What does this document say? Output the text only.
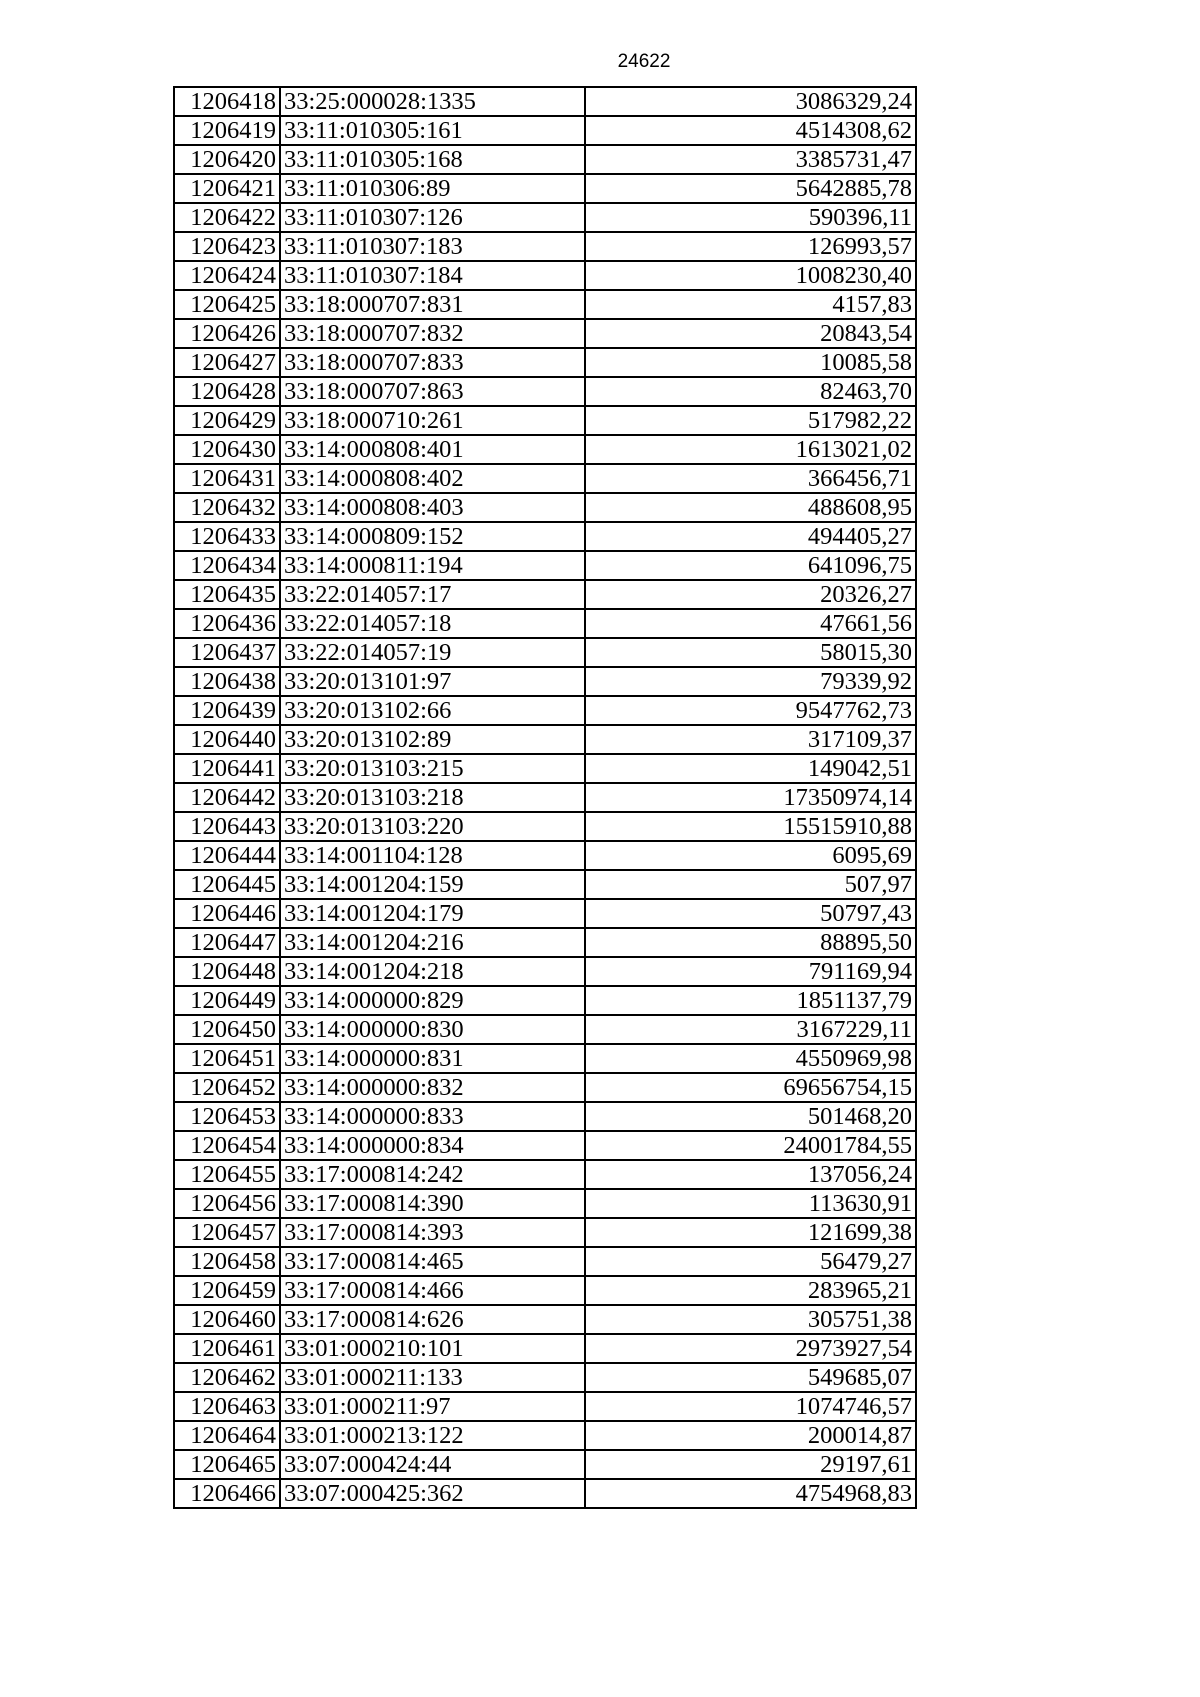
24622
1206418	33:25:000028:1335	3086329,24
1206419	33:11:010305:161	4514308,62
1206420	33:11:010305:168	3385731,47
1206421	33:11:010306:89	5642885,78
1206422	33:11:010307:126	590396,11
1206423	33:11:010307:183	126993,57
1206424	33:11:010307:184	1008230,40
1206425	33:18:000707:831	4157,83
1206426	33:18:000707:832	20843,54
1206427	33:18:000707:833	10085,58
1206428	33:18:000707:863	82463,70
1206429	33:18:000710:261	517982,22
1206430	33:14:000808:401	1613021,02
1206431	33:14:000808:402	366456,71
1206432	33:14:000808:403	488608,95
1206433	33:14:000809:152	494405,27
1206434	33:14:000811:194	641096,75
1206435	33:22:014057:17	20326,27
1206436	33:22:014057:18	47661,56
1206437	33:22:014057:19	58015,30
1206438	33:20:013101:97	79339,92
1206439	33:20:013102:66	9547762,73
1206440	33:20:013102:89	317109,37
1206441	33:20:013103:215	149042,51
1206442	33:20:013103:218	17350974,14
1206443	33:20:013103:220	15515910,88
1206444	33:14:001104:128	6095,69
1206445	33:14:001204:159	507,97
1206446	33:14:001204:179	50797,43
1206447	33:14:001204:216	88895,50
1206448	33:14:001204:218	791169,94
1206449	33:14:000000:829	1851137,79
1206450	33:14:000000:830	3167229,11
1206451	33:14:000000:831	4550969,98
1206452	33:14:000000:832	69656754,15
1206453	33:14:000000:833	501468,20
1206454	33:14:000000:834	24001784,55
1206455	33:17:000814:242	137056,24
1206456	33:17:000814:390	113630,91
1206457	33:17:000814:393	121699,38
1206458	33:17:000814:465	56479,27
1206459	33:17:000814:466	283965,21
1206460	33:17:000814:626	305751,38
1206461	33:01:000210:101	2973927,54
1206462	33:01:000211:133	549685,07
1206463	33:01:000211:97	1074746,57
1206464	33:01:000213:122	200014,87
1206465	33:07:000424:44	29197,61
1206466	33:07:000425:362	4754968,83
